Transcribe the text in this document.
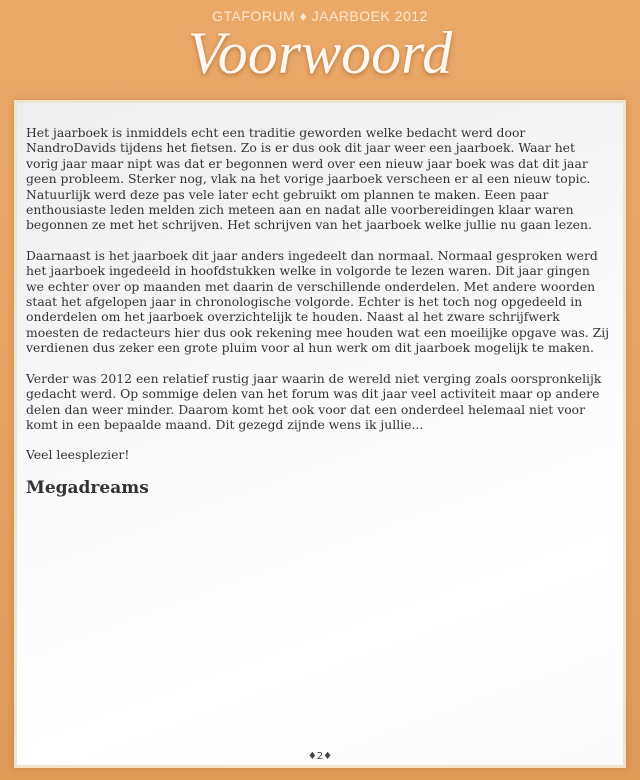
GTAFORUM ♦ JAARBOEK 2012
Voorwoord

Het jaarboek is inmiddels echt een traditie geworden welke bedacht werd door NandroDavids tijdens het fietsen. Zo is er dus ook dit jaar weer een jaarboek. Waar het vorig jaar maar nipt was dat er begonnen werd over een nieuw jaar boek was dat dit jaar geen probleem. Sterker nog, vlak na het vorige jaarboek verscheen er al een nieuw topic. Natuurlijk werd deze pas vele later echt gebruikt om plannen te maken. Eeen paar enthousiaste leden melden zich meteen aan en nadat alle voorbereidingen klaar waren begonnen ze met het schrijven. Het schrijven van het jaarboek welke jullie nu gaan lezen.

Daarnaast is het jaarboek dit jaar anders ingedeelt dan normaal. Normaal gesproken werd het jaarboek ingedeeld in hoofdstukken welke in volgorde te lezen waren. Dit jaar gingen we echter over op maanden met daarin de verschillende onderdelen. Met andere woorden staat het afgelopen jaar in chronologische volgorde. Echter is het toch nog opgedeeld in onderdelen om het jaarboek overzichtelijk te houden. Naast al het zware schrijfwerk moesten de redacteurs hier dus ook rekening mee houden wat een moeilijke opgave was. Zij verdienen dus zeker een grote pluim voor al hun werk om dit jaarboek mogelijk te maken.

Verder was 2012 een relatief rustig jaar waarin de wereld niet verging zoals oorspronkelijk gedacht werd. Op sommige delen van het forum was dit jaar veel activiteit maar op andere delen dan weer minder. Daarom komt het ook voor dat een onderdeel helemaal niet voor komt in een bepaalde maand. Dit gezegd zijnde wens ik jullie...

Veel leesplezier!

Megadreams
♦2♦
